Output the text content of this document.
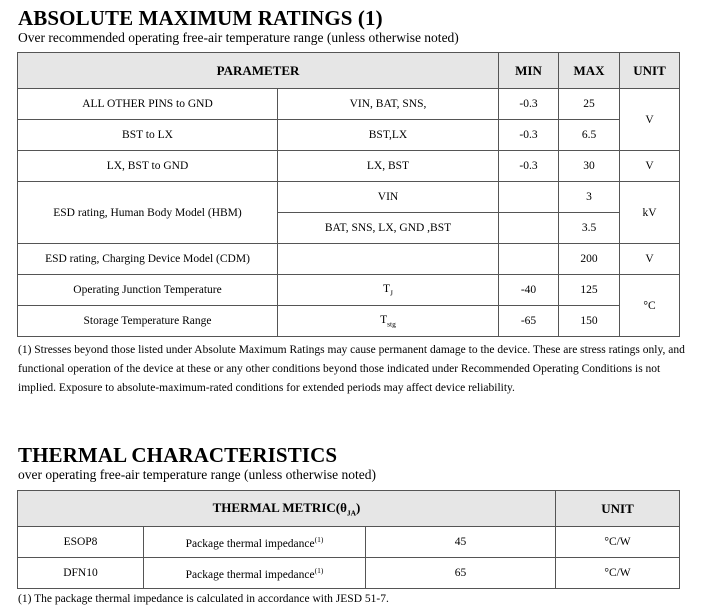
ABSOLUTE MAXIMUM RATINGS (1)

Over recommended operating free-air temperature range (unless otherwise noted)

PARAMETER		MIN	MAX	UNIT
ALL OTHER PINS to GND	VIN, BAT, SNS,	-0.3	25	V
BST to LX	BST,LX	-0.3	6.5	
LX, BST to GND	LX, BST	-0.3	30	V
ESD rating, Human Body Model (HBM)	VIN		3	kV
	BAT, SNS, LX, GND ,BST		3.5	
ESD rating, Charging Device Model (CDM)			200	V
Operating Junction Temperature	$T_J$	-40	125	°C
Storage Temperature Range	$T_{stg}$	-65	150	

(1) Stresses beyond those listed under Absolute Maximum Ratings may cause permanent damage to the device. These are stress ratings only, and functional operation of the device at these or any other conditions beyond those indicated under Recommended Operating Conditions is not implied. Exposure to absolute-maximum-rated conditions for extended periods may affect device reliability.

THERMAL CHARACTERISTICS

over operating free-air temperature range (unless otherwise noted)

THERMAL $METRIC(\theta_{JA})$			UNIT
ESOP8	Package thermal impedance$^{(1)}$	45	°C/W
DFN10	Package thermal impedance$^{(1)}$	65	°C/W

(1) The package thermal impedance is calculated in accordance with JESD 51-7.
